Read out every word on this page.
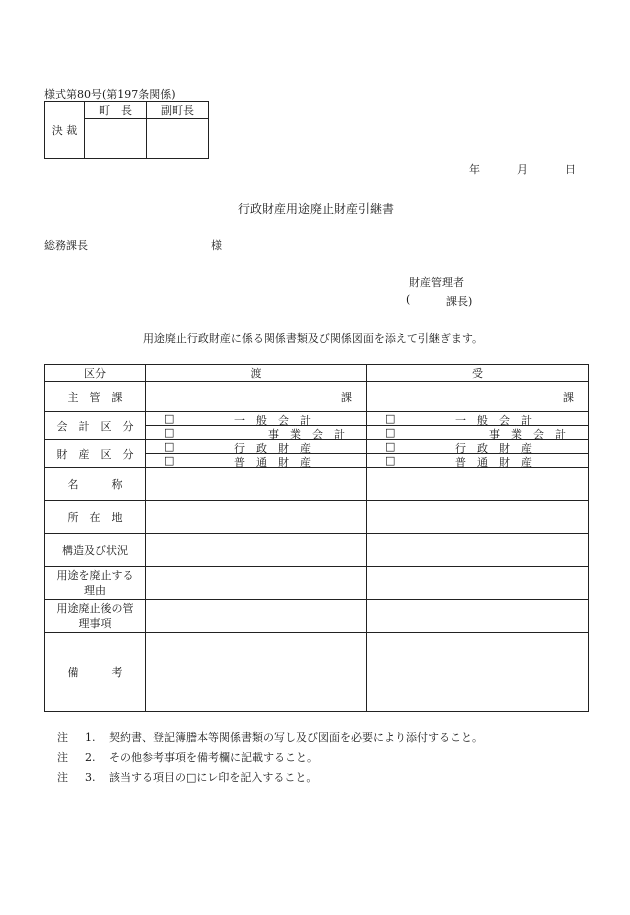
様式第80号(第197条関係)
決 裁	町　長	副町長

年	月	日
行政財産用途廃止財産引継書
総務課長	様
財産管理者
(	課長)
用途廃止行政財産に係る関係書類及び関係図面を添えて引継ぎます。
区分	渡	受
主　管　課	課	課

会　計　区　分	□ 一　般　会　計	□ 一　般　会　計

	□ 事　業　会　計	□ 事　業　会　計

財　産　区　分	□ 行　政　財　産	□ 行　政　財　産

	□ 普　通　財　産	□ 普　通　財　産

名　　　称		
所　在　地		
構造及び状況		

用途を廃止する理由		

用途廃止後の管理事項		

備　　　考		
注 1. 契約書、登記簿謄本等関係書類の写し及び図面を必要により添付すること。
注 2. その他参考事項を備考欄に記載すること。
注 3. 該当する項目の□にレ印を記入すること。
